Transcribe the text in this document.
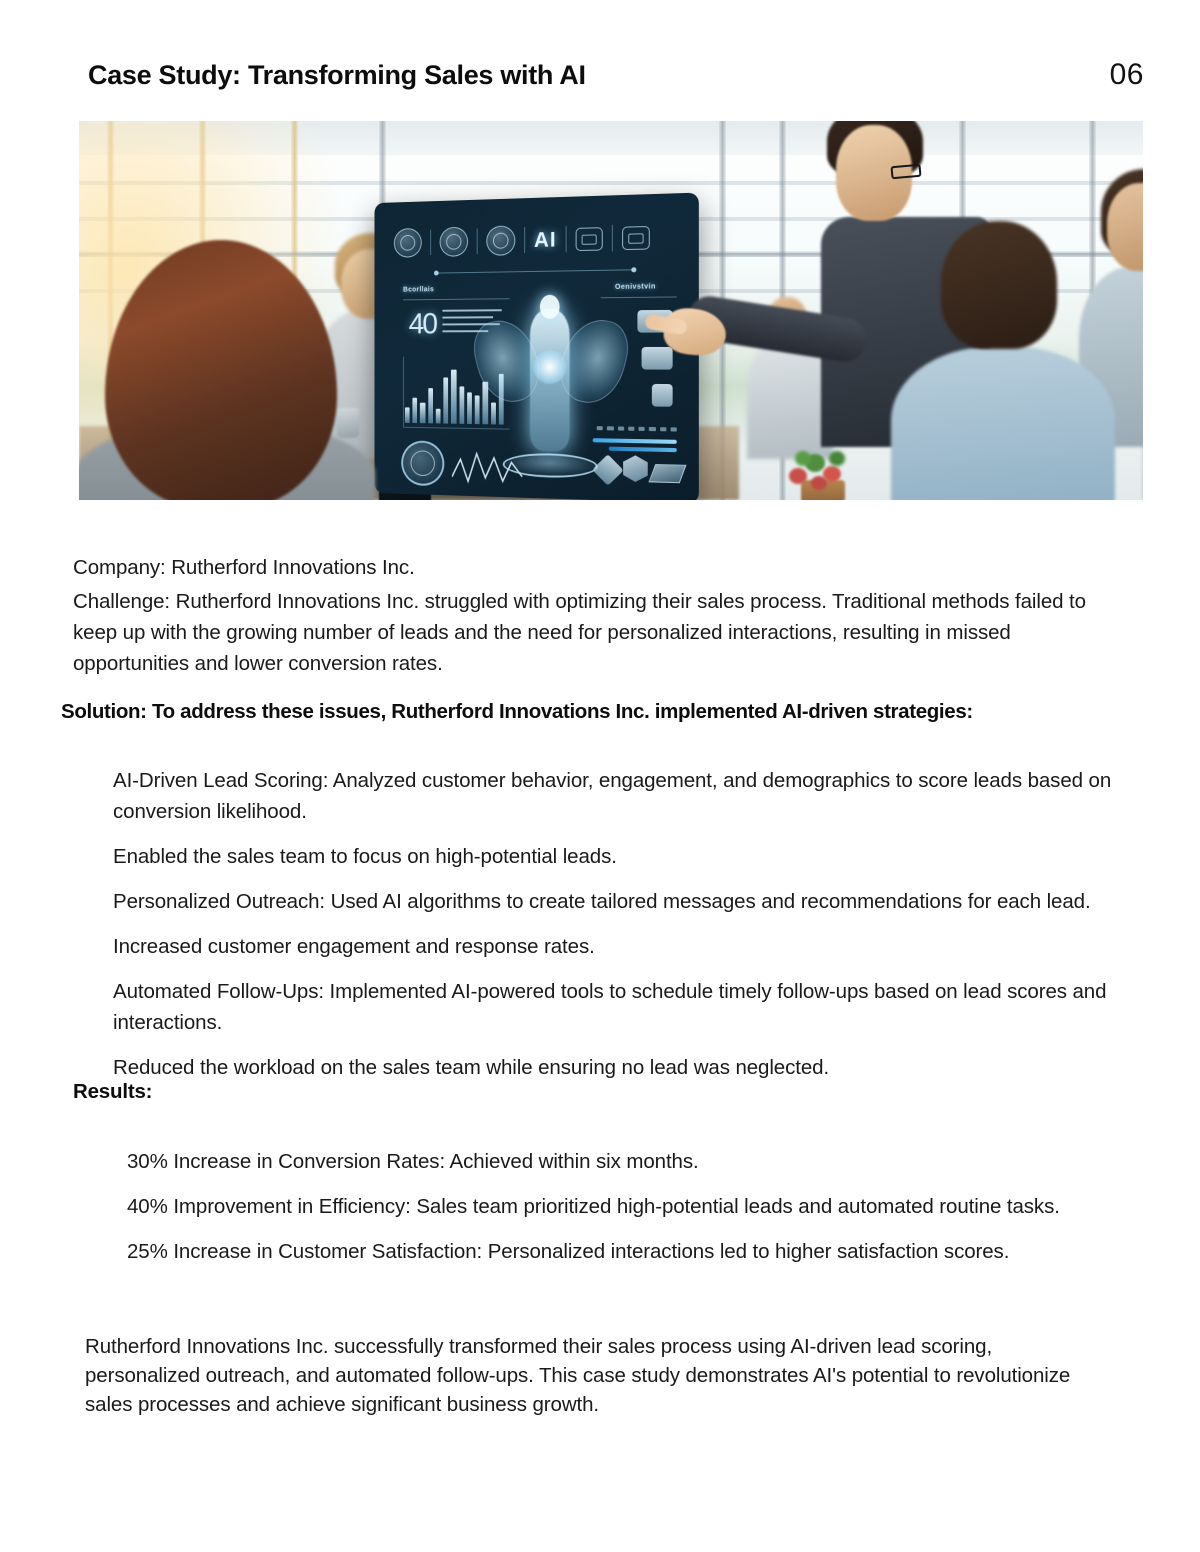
Case Study: Transforming Sales with AI	06
AI
Bcorllais
40
Oenivstvin
Company: Rutherford Innovations Inc.
Challenge: Rutherford Innovations Inc. struggled with optimizing their sales process. Traditional methods failed to keep up with the growing number of leads and the need for personalized interactions, resulting in missed opportunities and lower conversion rates.
Solution: To address these issues, Rutherford Innovations Inc. implemented AI-driven strategies:
AI-Driven Lead Scoring: Analyzed customer behavior, engagement, and demographics to score leads based on conversion likelihood.
Enabled the sales team to focus on high-potential leads.
Personalized Outreach: Used AI algorithms to create tailored messages and recommendations for each lead.
Increased customer engagement and response rates.
Automated Follow-Ups: Implemented AI-powered tools to schedule timely follow-ups based on lead scores and interactions.
Reduced the workload on the sales team while ensuring no lead was neglected.
Results:
30% Increase in Conversion Rates: Achieved within six months.
40% Improvement in Efficiency: Sales team prioritized high-potential leads and automated routine tasks.
25% Increase in Customer Satisfaction: Personalized interactions led to higher satisfaction scores.
Rutherford Innovations Inc. successfully transformed their sales process using AI-driven lead scoring, personalized outreach, and automated follow-ups. This case study demonstrates AI's potential to revolutionize sales processes and achieve significant business growth.
